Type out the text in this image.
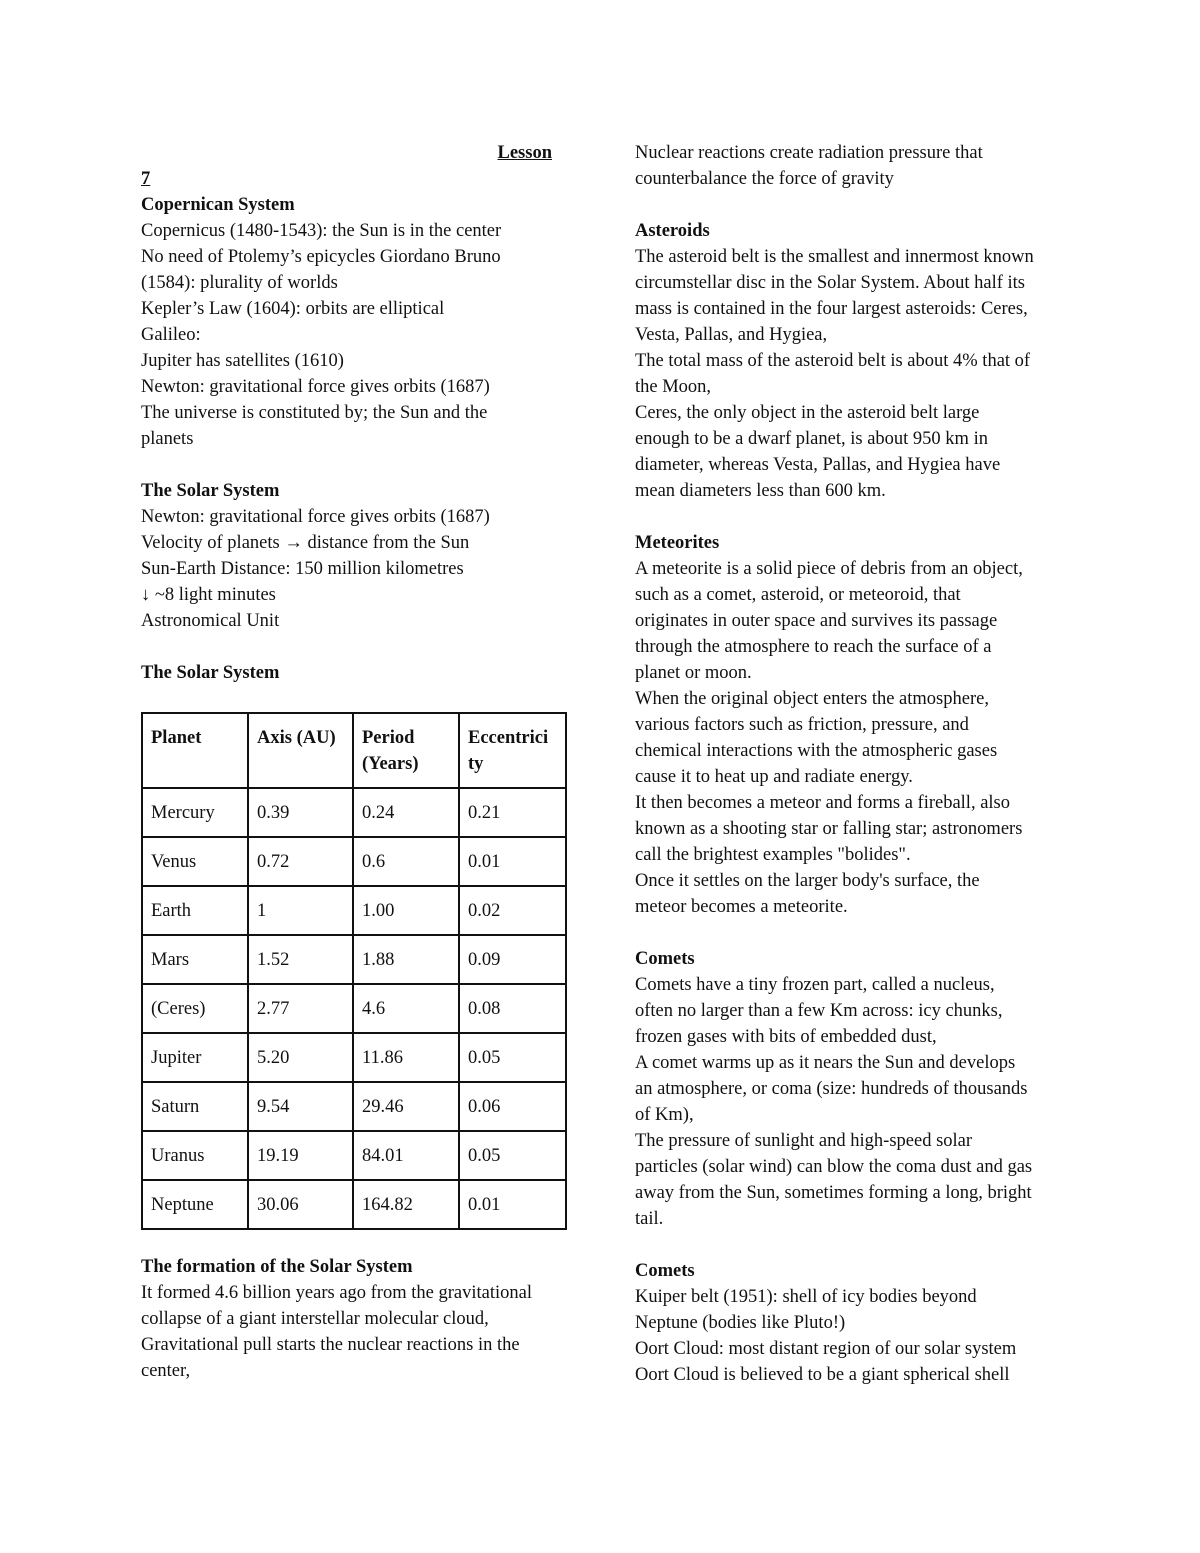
Lesson
7
Copernican System
Copernicus (1480-1543): the Sun is in the center
No need of Ptolemy’s epicycles Giordano Bruno
(1584): plurality of worlds
Kepler’s Law (1604): orbits are elliptical
Galileo:
Jupiter has satellites (1610)
Newton: gravitational force gives orbits (1687)
The universe is constituted by; the Sun and the
planets
The Solar System
Newton: gravitational force gives orbits (1687)
Velocity of planets → distance from the Sun
Sun-Earth Distance: 150 million kilometres
↓ ~8 light minutes
Astronomical Unit
The Solar System
Planet	Axis (AU)	Period (Years)	Eccentrici ty
Mercury	0.39	0.24	0.21
Venus	0.72	0.6	0.01
Earth	1	1.00	0.02
Mars	1.52	1.88	0.09
(Ceres)	2.77	4.6	0.08
Jupiter	5.20	11.86	0.05
Saturn	9.54	29.46	0.06
Uranus	19.19	84.01	0.05
Neptune	30.06	164.82	0.01
The formation of the Solar System
It formed 4.6 billion years ago from the gravitational
collapse of a giant interstellar molecular cloud,
Gravitational pull starts the nuclear reactions in the
center,
Nuclear reactions create radiation pressure that
counterbalance the force of gravity
Asteroids
The asteroid belt is the smallest and innermost known
circumstellar disc in the Solar System. About half its
mass is contained in the four largest asteroids: Ceres,
Vesta, Pallas, and Hygiea,
The total mass of the asteroid belt is about 4% that of
the Moon,
Ceres, the only object in the asteroid belt large
enough to be a dwarf planet, is about 950 km in
diameter, whereas Vesta, Pallas, and Hygiea have
mean diameters less than 600 km.
Meteorites
A meteorite is a solid piece of debris from an object,
such as a comet, asteroid, or meteoroid, that
originates in outer space and survives its passage
through the atmosphere to reach the surface of a
planet or moon.
When the original object enters the atmosphere,
various factors such as friction, pressure, and
chemical interactions with the atmospheric gases
cause it to heat up and radiate energy.
It then becomes a meteor and forms a fireball, also
known as a shooting star or falling star; astronomers
call the brightest examples "bolides".
Once it settles on the larger body's surface, the
meteor becomes a meteorite.
Comets
Comets have a tiny frozen part, called a nucleus,
often no larger than a few Km across: icy chunks,
frozen gases with bits of embedded dust,
A comet warms up as it nears the Sun and develops
an atmosphere, or coma (size: hundreds of thousands
of Km),
The pressure of sunlight and high-speed solar
particles (solar wind) can blow the coma dust and gas
away from the Sun, sometimes forming a long, bright
tail.
Comets
Kuiper belt (1951): shell of icy bodies beyond
Neptune (bodies like Pluto!)
Oort Cloud: most distant region of our solar system
Oort Cloud is believed to be a giant spherical shell
